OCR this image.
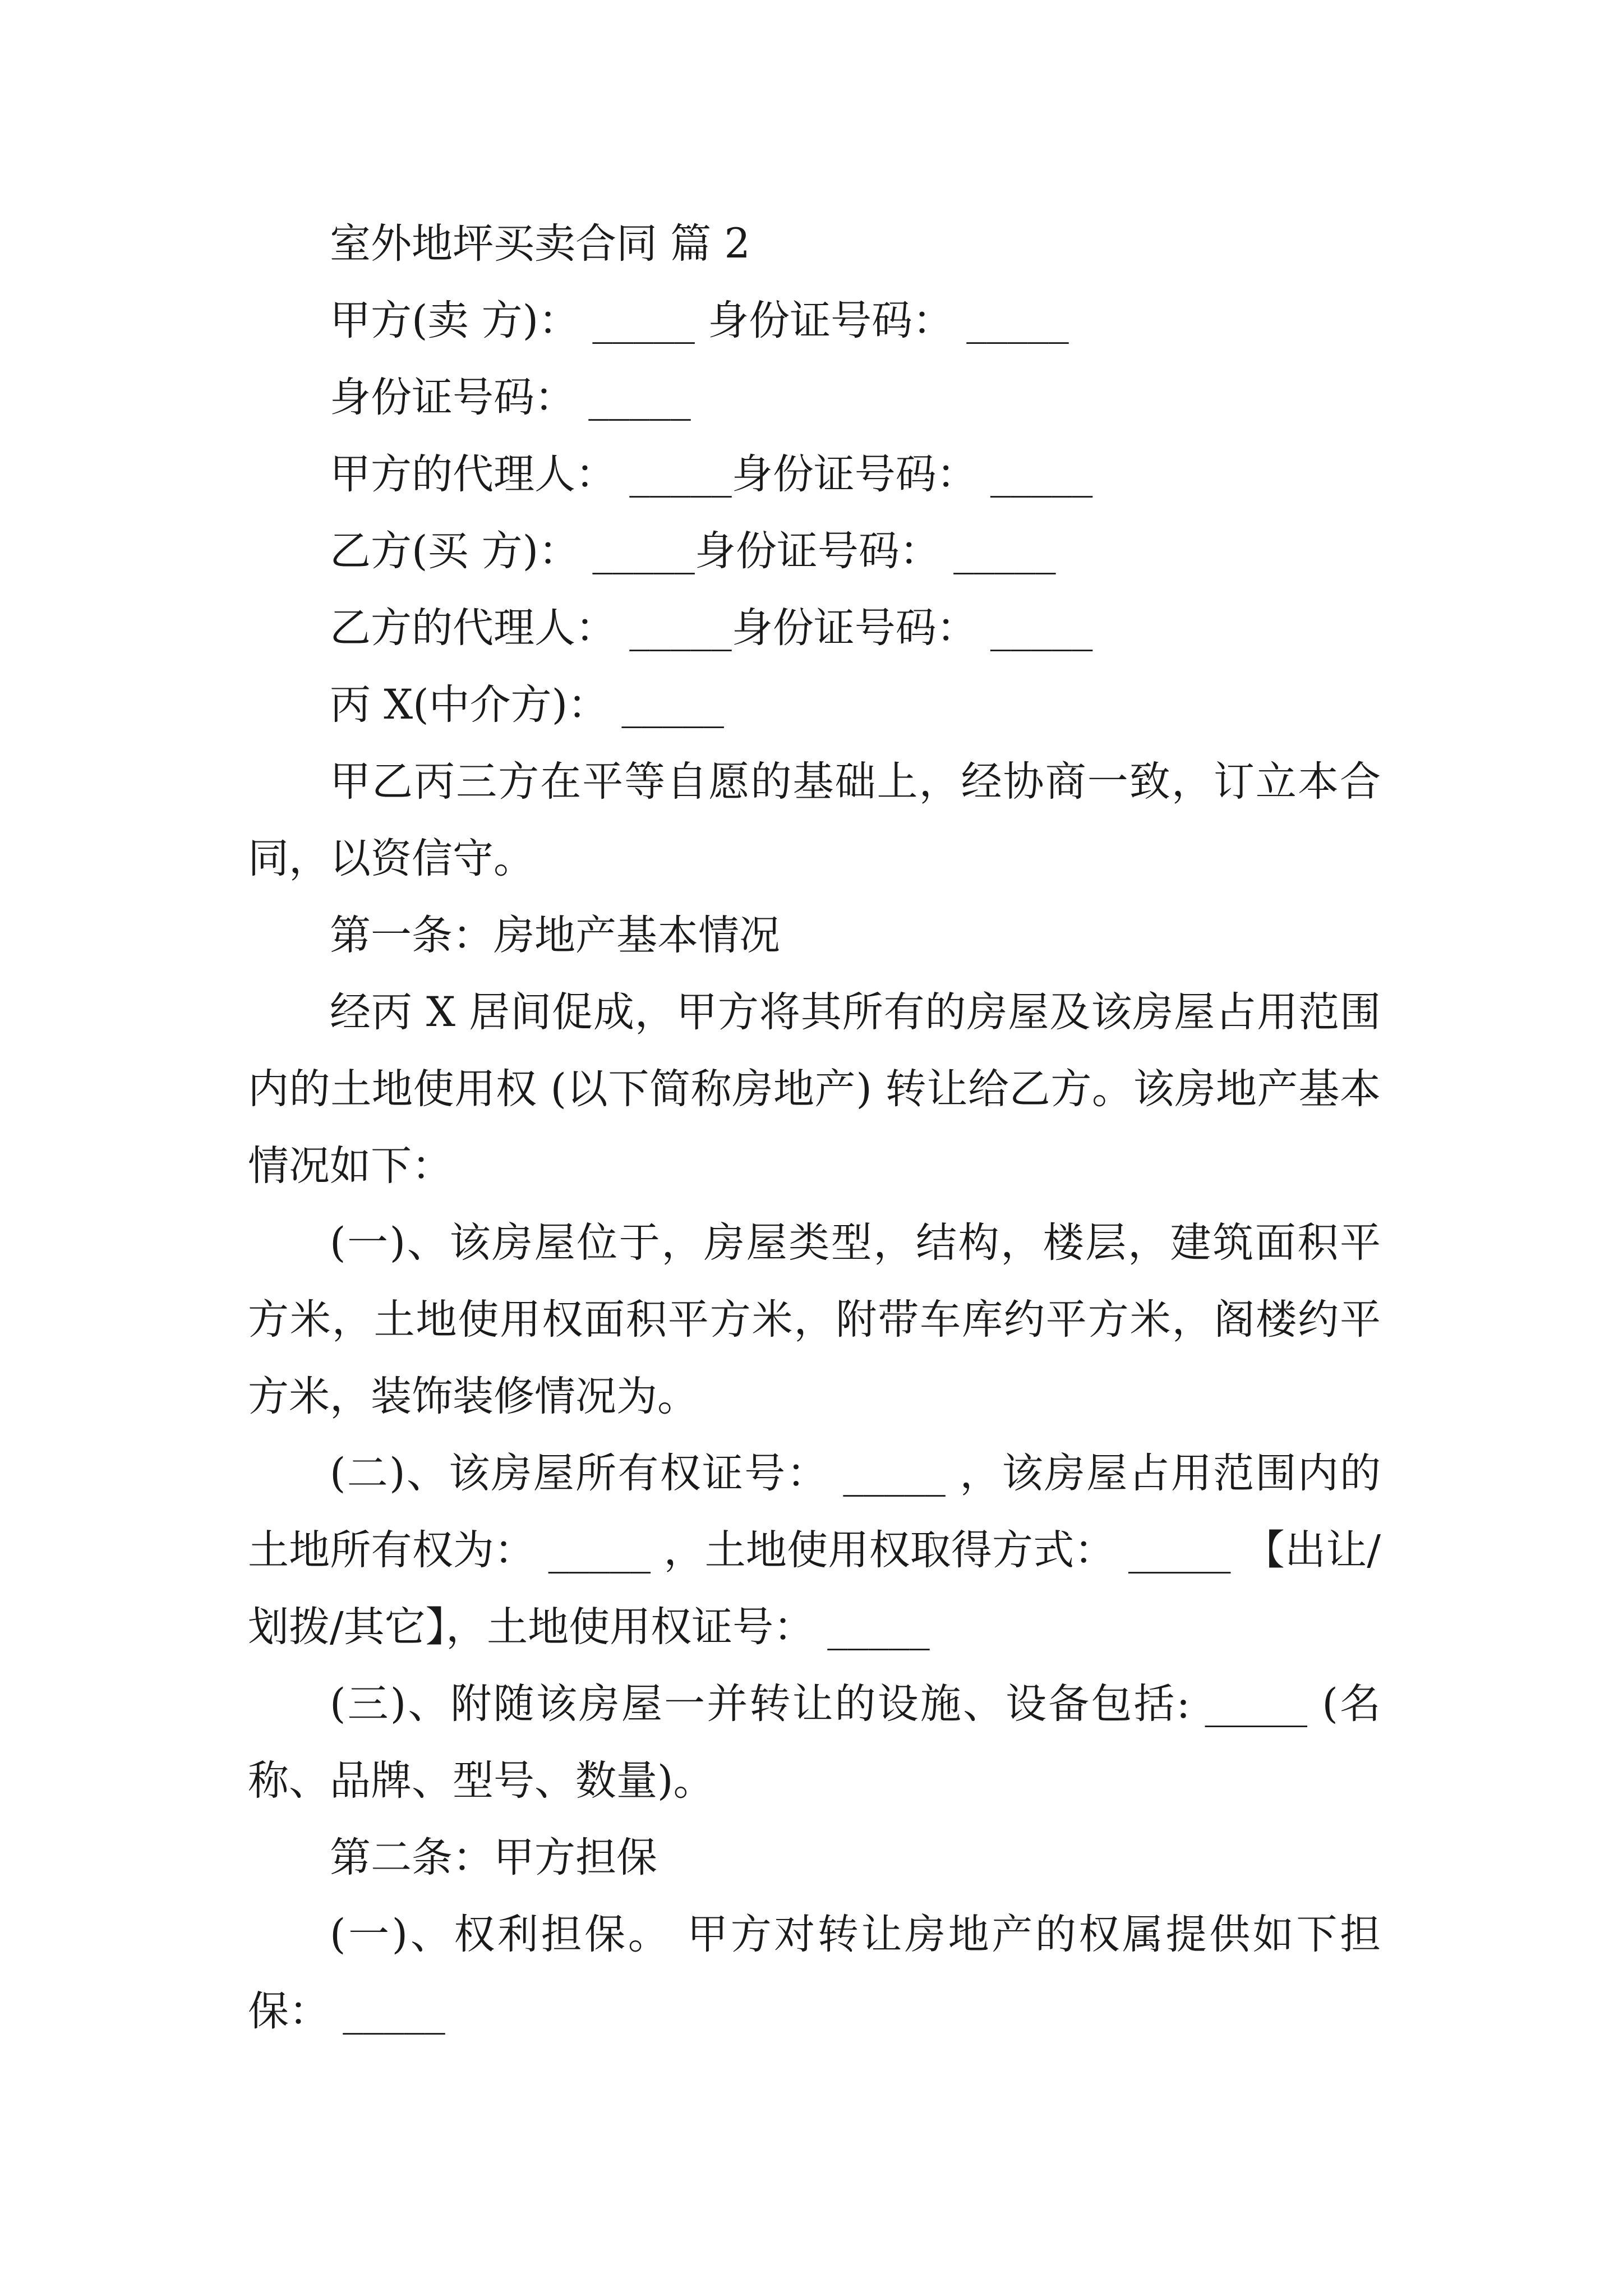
室外地坪买卖合同 篇 2

甲方(卖 方)： _____ 身份证号码： _____

身份证号码： _____

甲方的代理人： _____身份证号码： _____

乙方(买 方)： _____身份证号码： _____

乙方的代理人： _____身份证号码： _____

丙 X(中介方)： _____

甲乙丙三方在平等自愿的基础上，经协商一致，订立本合同，以资信守。

第一条：房地产基本情况

经丙 X 居间促成，甲方将其所有的房屋及该房屋占用范围内的土地使用权 (以下简称房地产) 转让给乙方。该房地产基本情况如下：

(一)、该房屋位于，房屋类型，结构，楼层，建筑面积平方米，土地使用权面积平方米，附带车库约平方米，阁楼约平方米，装饰装修情况为。

(二)、该房屋所有权证号： _____ ，该房屋占用范围内的土地所有权为： _____ ，土地使用权取得方式： _____ 【出让/划拨/其它】，土地使用权证号： _____

(三)、附随该房屋一并转让的设施、设备包括: _____ (名称、品牌、型号、数量)。

第二条：甲方担保

(一)、权利担保。 甲方对转让房地产的权属提供如下担保： _____
